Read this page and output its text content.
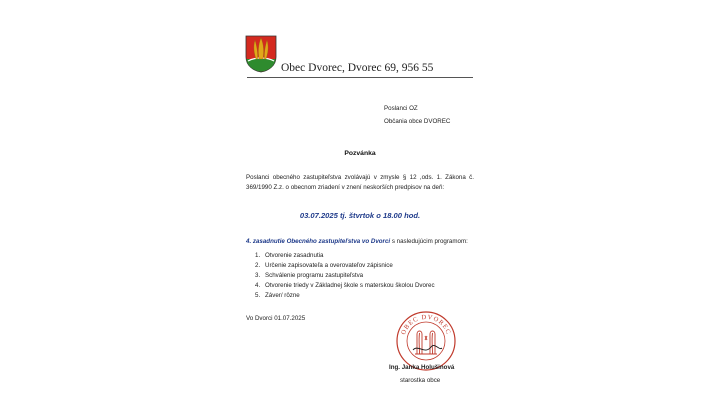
Obec Dvorec, Dvorec 69, 956 55
Poslanci OZ
Občania obce DVOREC
Pozvánka
Poslanci obecného zastupiteľstva zvolávajú v zmysle § 12 ,ods. 1. Zákona č. 369/1990 Z.z. o obecnom zriadení v znení neskorších predpisov na deň:
03.07.2025 tj. štvrtok o 18.00 hod.
4. zasadnutie Obecného zastupiteľstva vo Dvorci s nasledujúcim programom:
1. Otvorenie zasadnutia
2. Určenie zapisovateľa a overovateľov zápisnice
3. Schválenie programu zastupiteľstva
4. Otvorenie triedy v Základnej škole s materskou školou Dvorec
5. Záver/ rôzne
Vo Dvorci 01.07.2025
OBEC DVOREC
Ing. Janka Holušinová
starostka obce
